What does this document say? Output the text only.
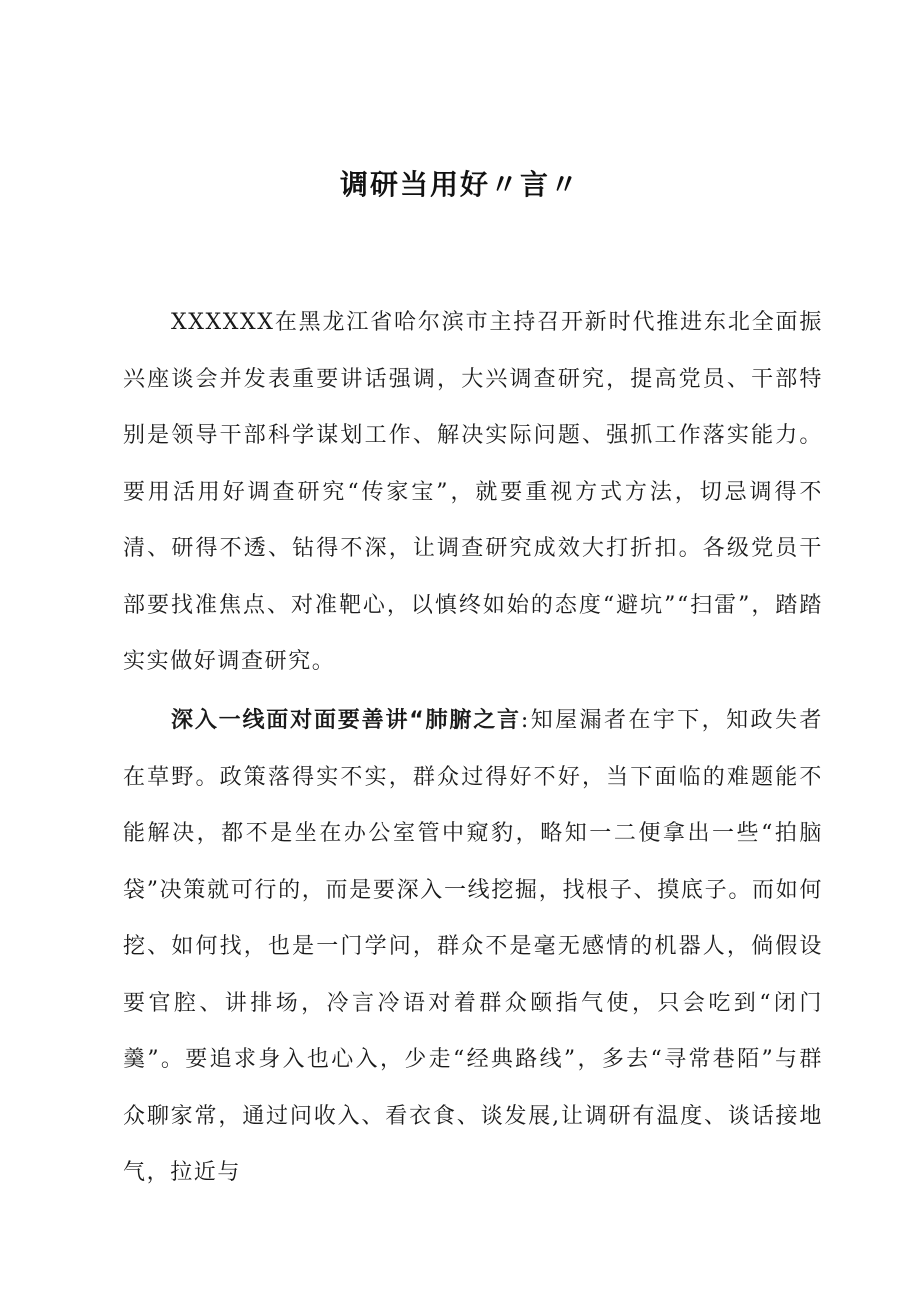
调研当用好〃言〃

XXXXXX在黑龙江省哈尔滨市主持召开新时代推进东北全面振兴座谈会并发表重要讲话强调，大兴调查研究，提高党员、干部特别是领导干部科学谋划工作、解决实际问题、强抓工作落实能力。要用活用好调查研究“传家宝”，就要重视方式方法，切忌调得不清、研得不透、钻得不深，让调查研究成效大打折扣。各级党员干部要找准焦点、对准靶心，以慎终如始的态度“避坑”“扫雷”，踏踏实实做好调查研究。

深入一线面对面要善讲“肺腑之言:知屋漏者在宇下，知政失者在草野。政策落得实不实，群众过得好不好，当下面临的难题能不能解决，都不是坐在办公室管中窥豹，略知一二便拿出一些“拍脑袋”决策就可行的，而是要深入一线挖掘，找根子、摸底子。而如何挖、如何找，也是一门学问，群众不是毫无感情的机器人，倘假设要官腔、讲排场，冷言冷语对着群众颐指气使，只会吃到“闭门羹”。要追求身入也心入，少走“经典路线”，多去“寻常巷陌”与群众聊家常，通过问收入、看衣食、谈发展,让调研有温度、谈话接地气，拉近与
